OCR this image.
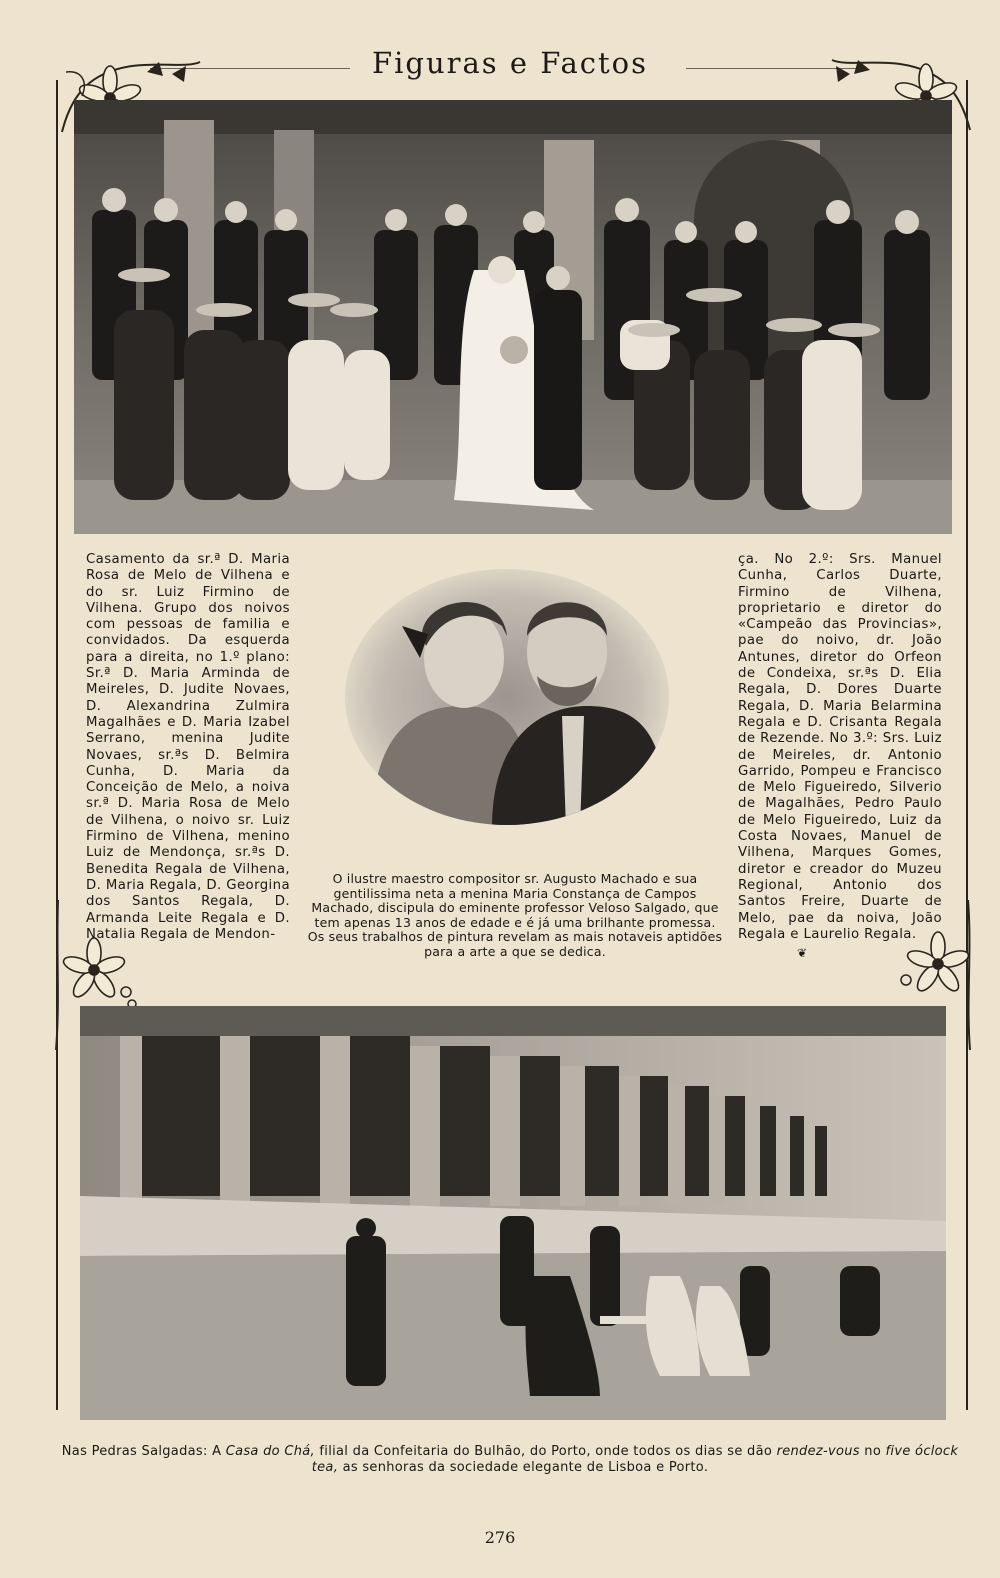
Figuras e Factos

Casamento da sr.ª D. Maria Rosa de Melo de Vilhena e do sr. Luiz Firmino de Vilhena. Grupo dos noivos com pessoas de familia e convidados. Da esquerda para a direita, no 1.º plano: Sr.ª D. Maria Arminda de Meireles, D. Judite Novaes, D. Alexandrina Zulmira Magalhães e D. Maria Izabel Serrano, menina Judite Novaes, sr.ªs D. Belmira Cunha, D. Maria da Conceição de Melo, a noiva sr.ª D. Maria Rosa de Melo de Vilhena, o noivo sr. Luiz Firmino de Vilhena, menino Luiz de Mendonça, sr.ªs D. Benedita Regala de Vilhena, D. Maria Regala, D. Georgina dos Santos Regala, D. Armanda Leite Regala e D. Natalia Regala de Mendon-

ça. No 2.º: Srs. Manuel Cunha, Carlos Duarte, Firmino de Vilhena, proprietario e diretor do «Campeão das Provincias», pae do noivo, dr. João Antunes, diretor do Orfeon de Condeixa, sr.ªs D. Elia Regala, D. Dores Duarte Regala, D. Maria Belarmina Regala e D. Crisanta Regala de Rezende. No 3.º: Srs. Luiz de Meireles, dr. Antonio Garrido, Pompeu e Francisco de Melo Figueiredo, Silverio de Magalhães, Pedro Paulo de Melo Figueiredo, Luiz da Costa Novaes, Manuel de Vilhena, Marques Gomes, diretor e creador do Muzeu Regional, Antonio dos Santos Freire, Duarte de Melo, pae da noiva, João Regala e Laurelio Regala.

O ilustre maestro compositor sr. Augusto Machado e sua gentilissima neta a menina Maria Constança de Campos Machado, discipula do eminente professor Veloso Salgado, que tem apenas 13 anos de edade e é já uma brilhante promessa. Os seus trabalhos de pintura revelam as mais notaveis aptidões para a arte a que se dedica.	❦

Nas Pedras Salgadas: A Casa do Chá, filial da Confeitaria do Bulhão, do Porto, onde todos os dias se dão rendez-vous no five óclock tea, as senhoras da sociedade elegante de Lisboa e Porto.

276
